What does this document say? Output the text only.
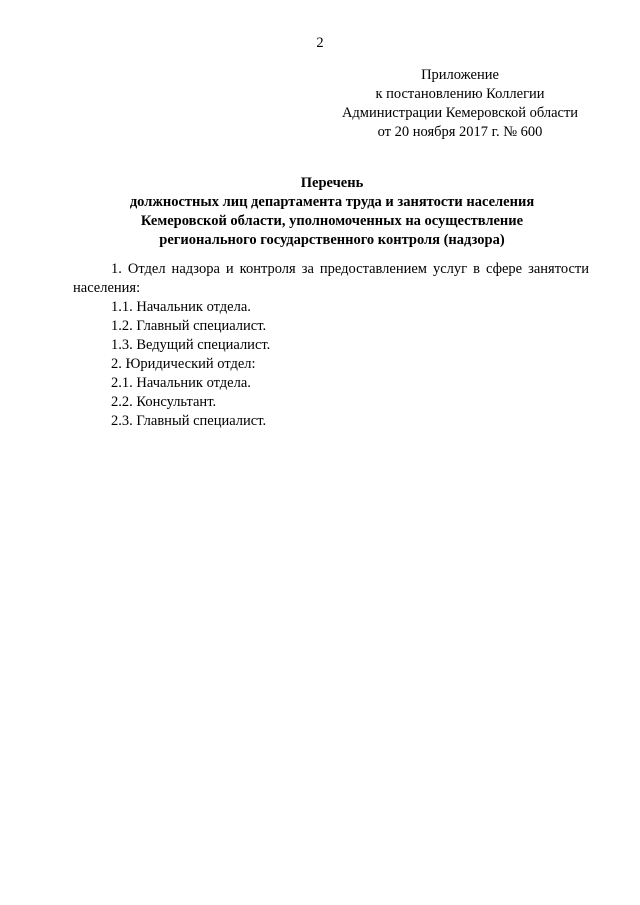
2
Приложение
к постановлению Коллегии
Администрации Кемеровской области
от 20 ноября 2017 г. № 600
Перечень
должностных лиц департамента труда и занятости населения
Кемеровской области, уполномоченных на осуществление
регионального государственного контроля (надзора)
1. Отдел надзора и контроля за предоставлением услуг в сфере занятости населения:
1.1. Начальник отдела.
1.2. Главный специалист.
1.3. Ведущий специалист.
2. Юридический отдел:
2.1. Начальник отдела.
2.2. Консультант.
2.3. Главный специалист.
